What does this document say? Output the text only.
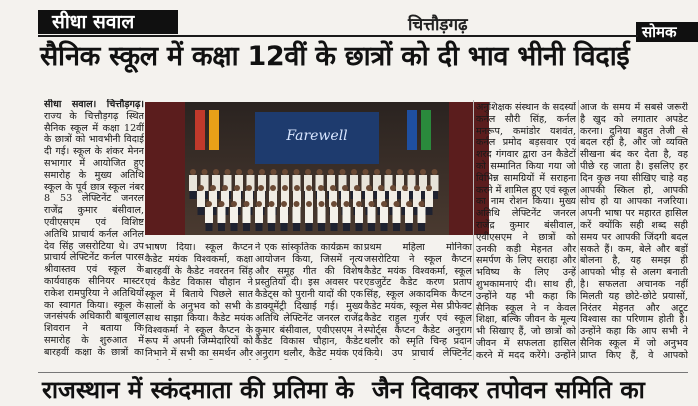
सीधा सवाल	चित्तौड़गढ़	सोमक
सैनिक स्कूल में कक्षा 12वीं के छात्रों को दी भाव भीनी विदाई
सीधा सवाल। चित्तौड़गढ़। राज्य के चित्तौड़गढ़ स्थित सैनिक स्कूल में कक्षा 12वीं के छात्रों को भावभीनी विदाई दी गई। स्कूल के शंकर मेनन सभागार में आयोजित हुए समारोह के मुख्य अतिथि स्कूल के पूर्व छात्र स्कूल नंबर 8 53 लेफ्टिनेंट जनरल राजेंद्र कुमार बंसीवाल, एवीएसएम एवं विशिष्ट अतिथि प्राचार्य कर्नल अनिल देव सिंह जसरोटिया थे। उप प्राचार्य लेफ्टिनेंट कर्नल पारस श्रीवास्तव एवं स्कूल के कार्यवाहक सीनियर मास्टर राकेश रामपुरिया ने अतिथियों का स्वागत किया। स्कूल के जनसंपर्क अधिकारी बाबूलाल शिवरान ने बताया कि समारोह के शुरुआत में बारहवीं कक्षा के छात्रों का
Farewell
भाषण दिया। स्कूल कैप्टन कैडेट मयंक विश्वकर्मा, कक्षा बारहवीं के कैडेट नवरतन सिंह एवं कैडेट विकास चौहान ने स्कूल में बिताये पिछले सात सालों के अनुभव को सभी के साथ साझा किया। कैडेट मयंक विश्वकर्मा ने स्कूल कैप्टन के रूप में अपनी जिम्मेदारियों को निभाने में सभी का समर्थन और
ने एक सांस्कृतिक कार्यक्रम का आयोजन किया, जिसमें नृत्य और समूह गीत की विशेष प्रस्तुतियाँ दी। इस अवसर पर कैडेट्स को पुरानी यादों की एक डाक्यूमेंट्री दिखाई गई। मुख्य अतिथि लेफ्टिनेंट जनरल राजेंद्र कुमार बंसीवाल, एवीएसएम ने कैडेट विकास चौहान, कैडेट अनुराग थलौर, कैडेट मयंक एवं
प्रथम महिला मोनिका जसरोटिया ने स्कूल कैप्टन कैडेट मयंक विश्वकर्मा, स्कूल एडजुटेंट कैडेट करण प्रताप सिंह, स्कूल अकादमिक कैप्टन कैडेट मयंक, स्कूल मेस प्रीफेक्ट कैडेट राहुल गुर्जर एवं स्कूल स्पोर्ट्स कैप्टन कैडेट अनुराग थलौर को स्मृति चिन्ह प्रदान किये। उप प्राचार्य लेफ्टिनेंट
अनुशिक्षक संस्थान के सदस्यों कर्नल सौरी सिंह, कर्नल मनरूप, कमांडोर यशवंत, कर्नल प्रमोद बड़सवार एवं शरद गंगवार द्वारा उन कैडेटों को सम्मानित किया गया जो विभिन्न सामग्रियों में सराहना करने में शामिल हुए एवं स्कूल का नाम रोशन किया। मुख्य अतिथि लेफ्टिनेंट जनरल राजेंद्र कुमार बंसीवाल, एवीएसएम ने छात्रों को उनकी कड़ी मेहनत और समर्पण के लिए सराहा और भविष्य के लिए उन्हें शुभकामनाएं दी। साथ ही, उन्होंने यह भी कहा कि सैनिक स्कूल ने न केवल शिक्षा, बल्कि जीवन के मूल्य भी सिखाए हैं, जो छात्रों को जीवन में सफलता हासिल करने में मदद करेंगे। उन्होंने
आज के समय में सबसे जरूरी है खुद को लगातार अपडेट करना। दुनिया बहुत तेजी से बदल रही है, और जो व्यक्ति सीखना बंद कर देता है, वह पीछे रह जाता है। इसलिए हर दिन कुछ नया सीखिए चाहे वह आपकी स्किल हो, आपकी सोच हो या आपका नजरिया। अपनी भाषा पर महारत हासिल करें क्योंकि सही शब्द सही समय पर आपकी जिंदगी बदल सकते हैं। कम, बेले और बड़ों बोलना है, यह समझ ही आपको भीड़ से अलग बनाती है। सफलता अचानक नहीं मिलती यह छोटे-छोटे प्रयासों, निरंतर मेहनत और अटूट विश्वास का परिणाम होती है। उन्होंने कहा कि आप सभी ने सैनिक स्कूल में जो अनुभव प्राप्त किए हैं, वे आपको
राजस्थान में स्कंदमाता की प्रतिमा के जैन दिवाकर तपोवन समिति का
